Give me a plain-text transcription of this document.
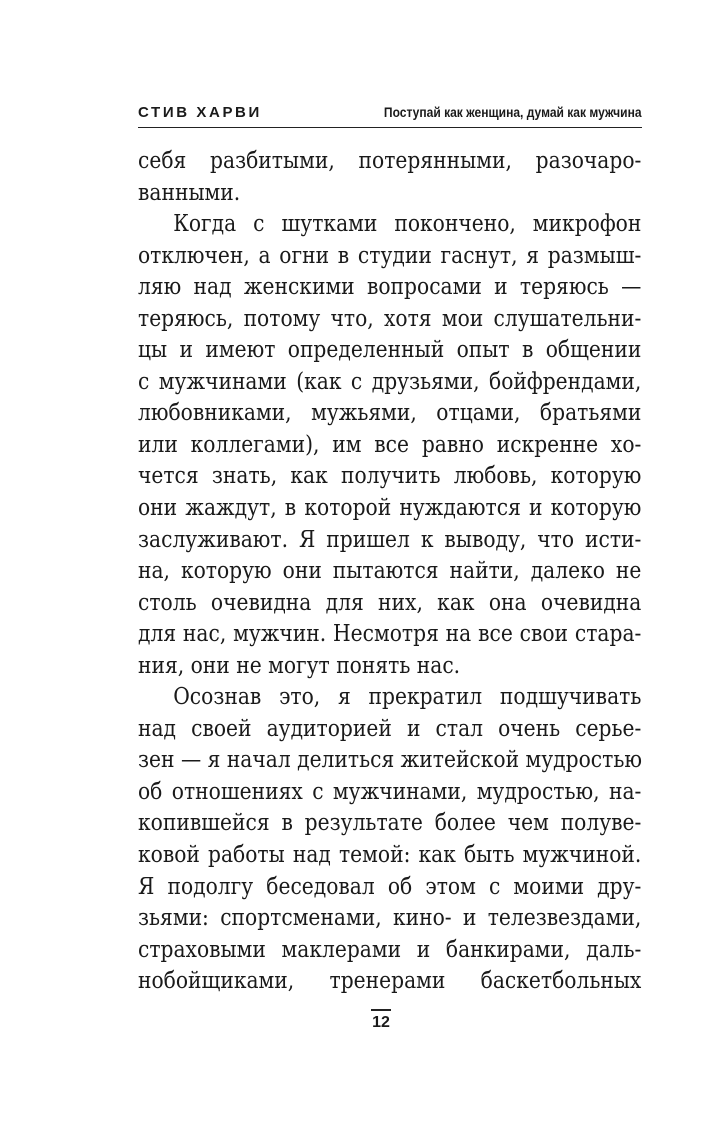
СТИВ ХАРВИ	Поступай как женщина, думай как мужчина
себя разбитыми, потерянными, разочаро-
ванными.
Когда с шутками покончено, микрофон
отключен, а огни в студии гаснут, я размыш-
ляю над женскими вопросами и теряюсь —
теряюсь, потому что, хотя мои слушательни-
цы и имеют определенный опыт в общении
с мужчинами (как с друзьями, бойфрендами,
любовниками, мужьями, отцами, братьями
или коллегами), им все равно искренне хо-
чется знать, как получить любовь, которую
они жаждут, в которой нуждаются и которую
заслуживают. Я пришел к выводу, что исти-
на, которую они пытаются найти, далеко не
столь очевидна для них, как она очевидна
для нас, мужчин. Несмотря на все свои стара-
ния, они не могут понять нас.
Осознав это, я прекратил подшучивать
над своей аудиторией и стал очень серье-
зен — я начал делиться житейской мудростью
об отношениях с мужчинами, мудростью, на-
копившейся в результате более чем полуве-
ковой работы над темой: как быть мужчиной.
Я подолгу беседовал об этом с моими дру-
зьями: спортсменами, кино- и телезвездами,
страховыми маклерами и банкирами, даль-
нобойщиками, тренерами баскетбольных
12
